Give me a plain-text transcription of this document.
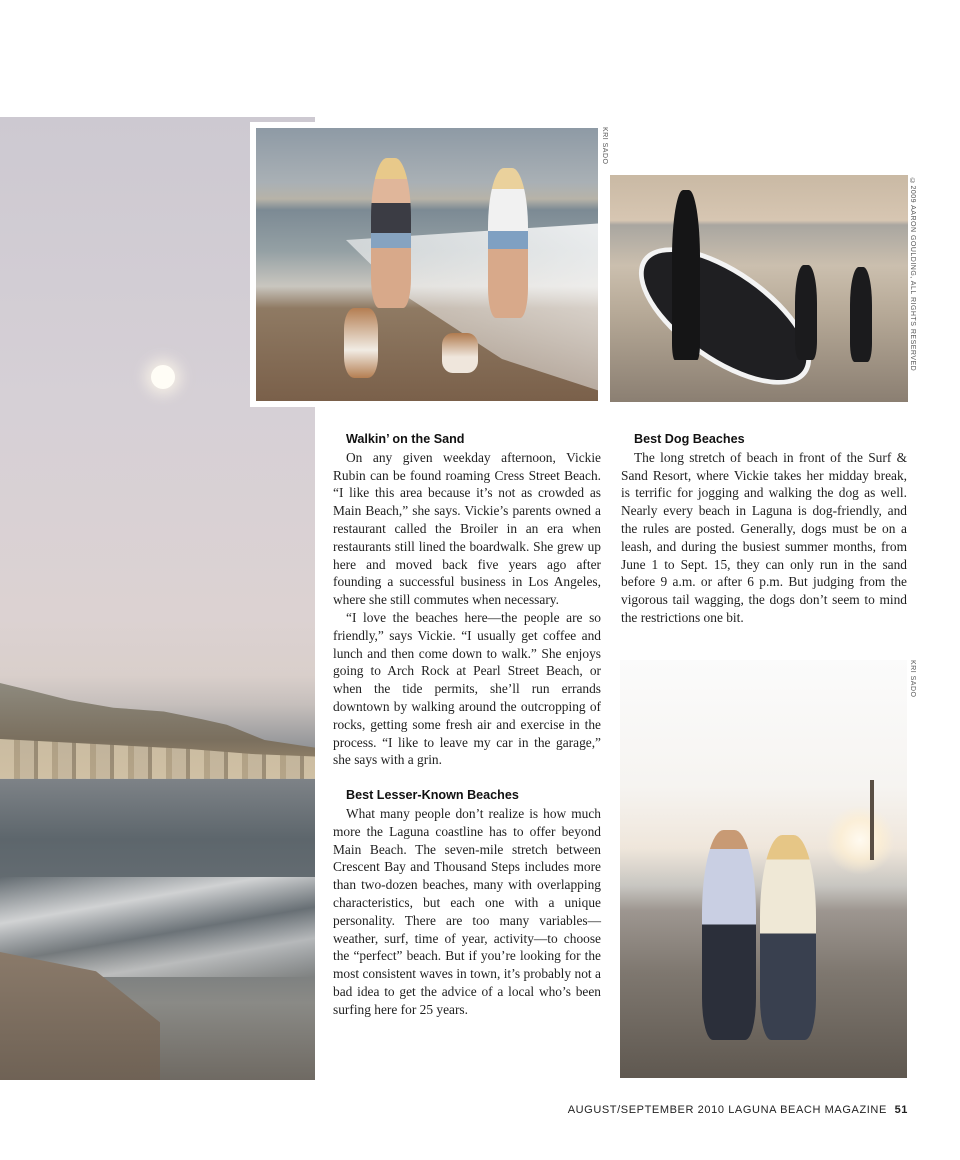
KRI SADO
©2009 AARON GOULDING, ALL RIGHTS RESERVED
KRI SADO
Walkin’ on the Sand

On any given weekday afternoon, Vickie Rubin can be found roaming Cress Street Beach. “I like this area because it’s not as crowded as Main Beach,” she says. Vickie’s parents owned a restaurant called the Broiler in an era when restaurants still lined the boardwalk. She grew up here and moved back five years ago after founding a successful business in Los Angeles, where she still commutes when necessary.

“I love the beaches here—the people are so friendly,” says Vickie. “I usually get coffee and lunch and then come down to walk.” She enjoys going to Arch Rock at Pearl Street Beach, or when the tide permits, she’ll run errands downtown by walking around the outcropping of rocks, getting some fresh air and exercise in the process. “I like to leave my car in the garage,” she says with a grin.

Best Lesser-Known Beaches

What many people don’t realize is how much more the Laguna coastline has to offer beyond Main Beach. The seven-mile stretch between Crescent Bay and Thousand Steps includes more than two-dozen beaches, many with overlapping characteristics, but each one with a unique personality. There are too many variables—weather, surf, time of year, activity—to choose the “perfect” beach. But if you’re looking for the most consistent waves in town, it’s probably not a bad idea to get the advice of a local who’s been surfing here for 25 years.

Best Dog Beaches

The long stretch of beach in front of the Surf & Sand Resort, where Vickie takes her midday break, is terrific for jogging and walking the dog as well. Nearly every beach in Laguna is dog-friendly, and the rules are posted. Generally, dogs must be on a leash, and during the busiest summer months, from June 1 to Sept. 15, they can only run in the sand before 9 a.m. or after 6 p.m. But judging from the vigorous tail wagging, the dogs don’t seem to mind the restrictions one bit.

AUGUST/SEPTEMBER 2010 LAGUNA BEACH MAGAZINE 51
